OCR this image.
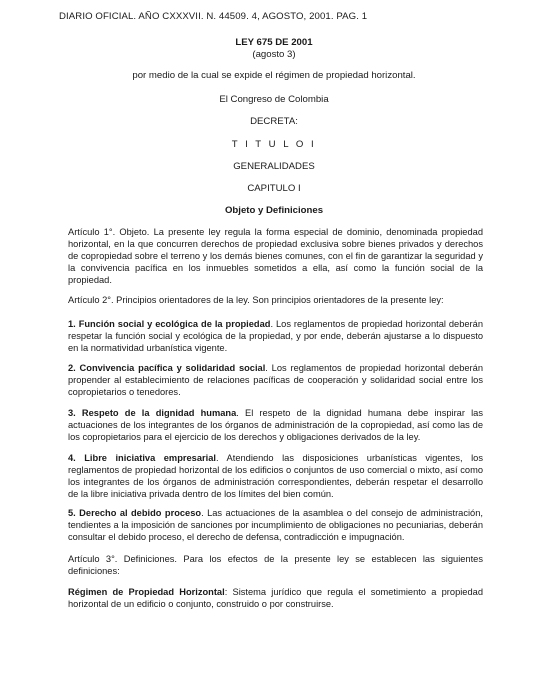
DIARIO OFICIAL. AÑO CXXXVII. N. 44509. 4, AGOSTO, 2001. PAG. 1
LEY 675 DE 2001
(agosto 3)
por medio de la cual se expide el régimen de propiedad horizontal.
El Congreso de Colombia
DECRETA:
T I T U L O I
GENERALIDADES
CAPITULO I
Objeto y Definiciones
Artículo 1°. Objeto. La presente ley regula la forma especial de dominio, denominada propiedad horizontal, en la que concurren derechos de propiedad exclusiva sobre bienes privados y derechos de copropiedad sobre el terreno y los demás bienes comunes, con el fin de garantizar la seguridad y la convivencia pacífica en los inmuebles sometidos a ella, así como la función social de la propiedad.
Artículo 2°. Principios orientadores de la ley. Son principios orientadores de la presente ley:
1. Función social y ecológica de la propiedad. Los reglamentos de propiedad horizontal deberán respetar la función social y ecológica de la propiedad, y por ende, deberán ajustarse a lo dispuesto en la normatividad urbanística vigente.
2. Convivencia pacífica y solidaridad social. Los reglamentos de propiedad horizontal deberán propender al establecimiento de relaciones pacíficas de cooperación y solidaridad social entre los copropietarios o tenedores.
3. Respeto de la dignidad humana. El respeto de la dignidad humana debe inspirar las actuaciones de los integrantes de los órganos de administración de la copropiedad, así como las de los copropietarios para el ejercicio de los derechos y obligaciones derivados de la ley.
4. Libre iniciativa empresarial. Atendiendo las disposiciones urbanísticas vigentes, los reglamentos de propiedad horizontal de los edificios o conjuntos de uso comercial o mixto, así como los integrantes de los órganos de administración correspondientes, deberán respetar el desarrollo de la libre iniciativa privada dentro de los límites del bien común.
5. Derecho al debido proceso. Las actuaciones de la asamblea o del consejo de administración, tendientes a la imposición de sanciones por incumplimiento de obligaciones no pecuniarias, deberán consultar el debido proceso, el derecho de defensa, contradicción e impugnación.
Artículo 3°. Definiciones. Para los efectos de la presente ley se establecen las siguientes definiciones:
Régimen de Propiedad Horizontal: Sistema jurídico que regula el sometimiento a propiedad horizontal de un edificio o conjunto, construido o por construirse.
